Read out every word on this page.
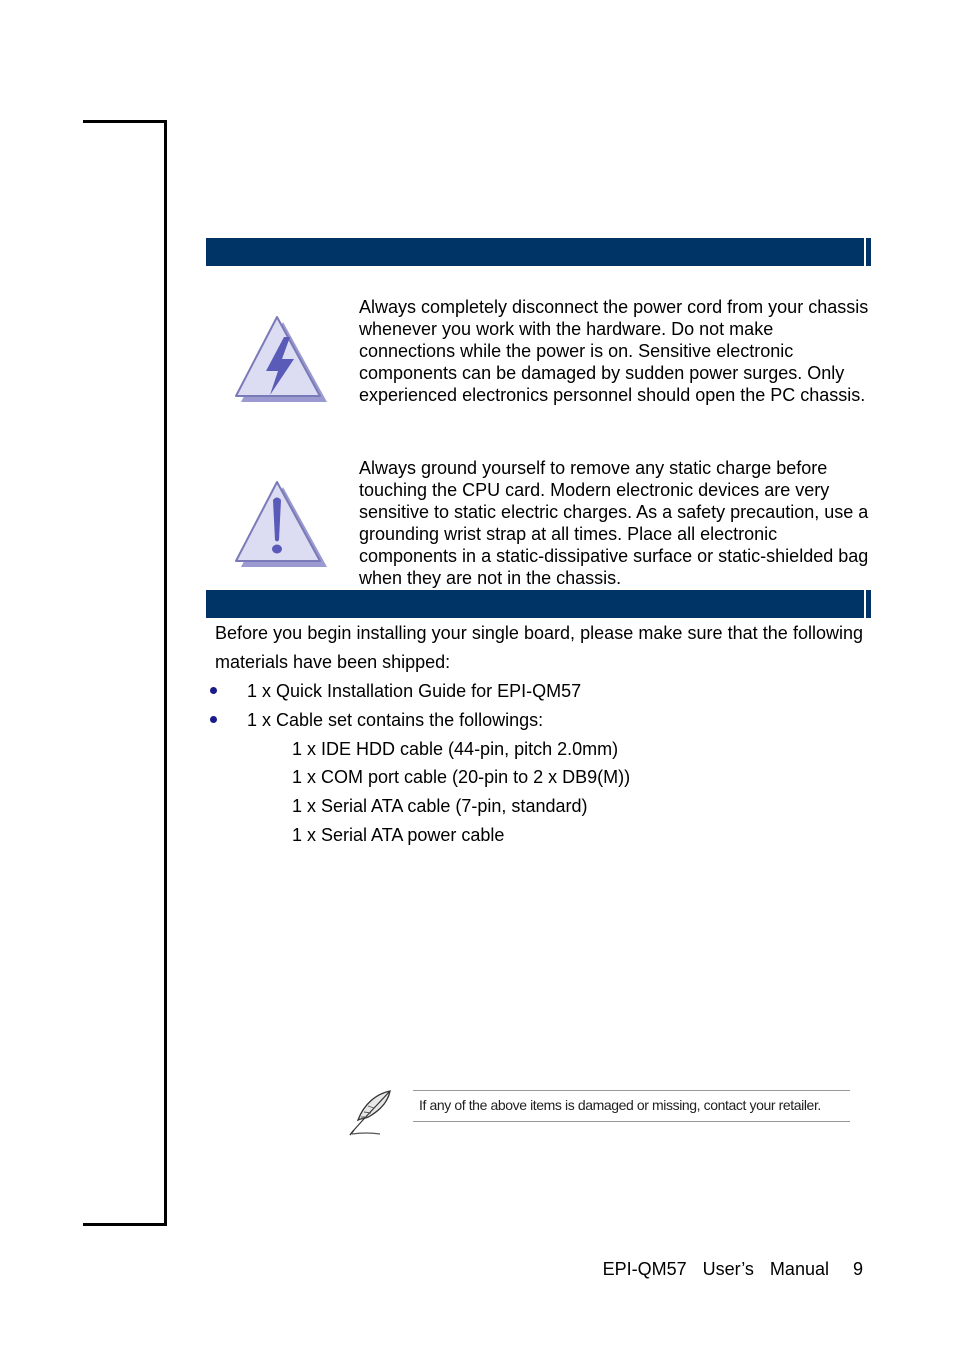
Always completely disconnect the power cord from your chassis whenever you work with the hardware. Do not make connections while the power is on. Sensitive electronic components can be damaged by sudden power surges. Only experienced electronics personnel should open the PC chassis.
Always ground yourself to remove any static charge before touching the CPU card. Modern electronic devices are very sensitive to static electric charges. As a safety precaution, use a grounding wrist strap at all times. Place all electronic components in a static-dissipative surface or static-shielded bag when they are not in the chassis.
Before you begin installing your single board, please make sure that the following materials have been shipped:
1 x Quick Installation Guide for EPI-QM57
1 x Cable set contains the followings:
1 x IDE HDD cable (44-pin, pitch 2.0mm)
1 x COM port cable (20-pin to 2 x DB9(M))
1 x Serial ATA cable (7-pin, standard)
1 x Serial ATA power cable
If any of the above items is damaged or missing, contact your retailer.
EPI-QM57  User’s  Manual   9
